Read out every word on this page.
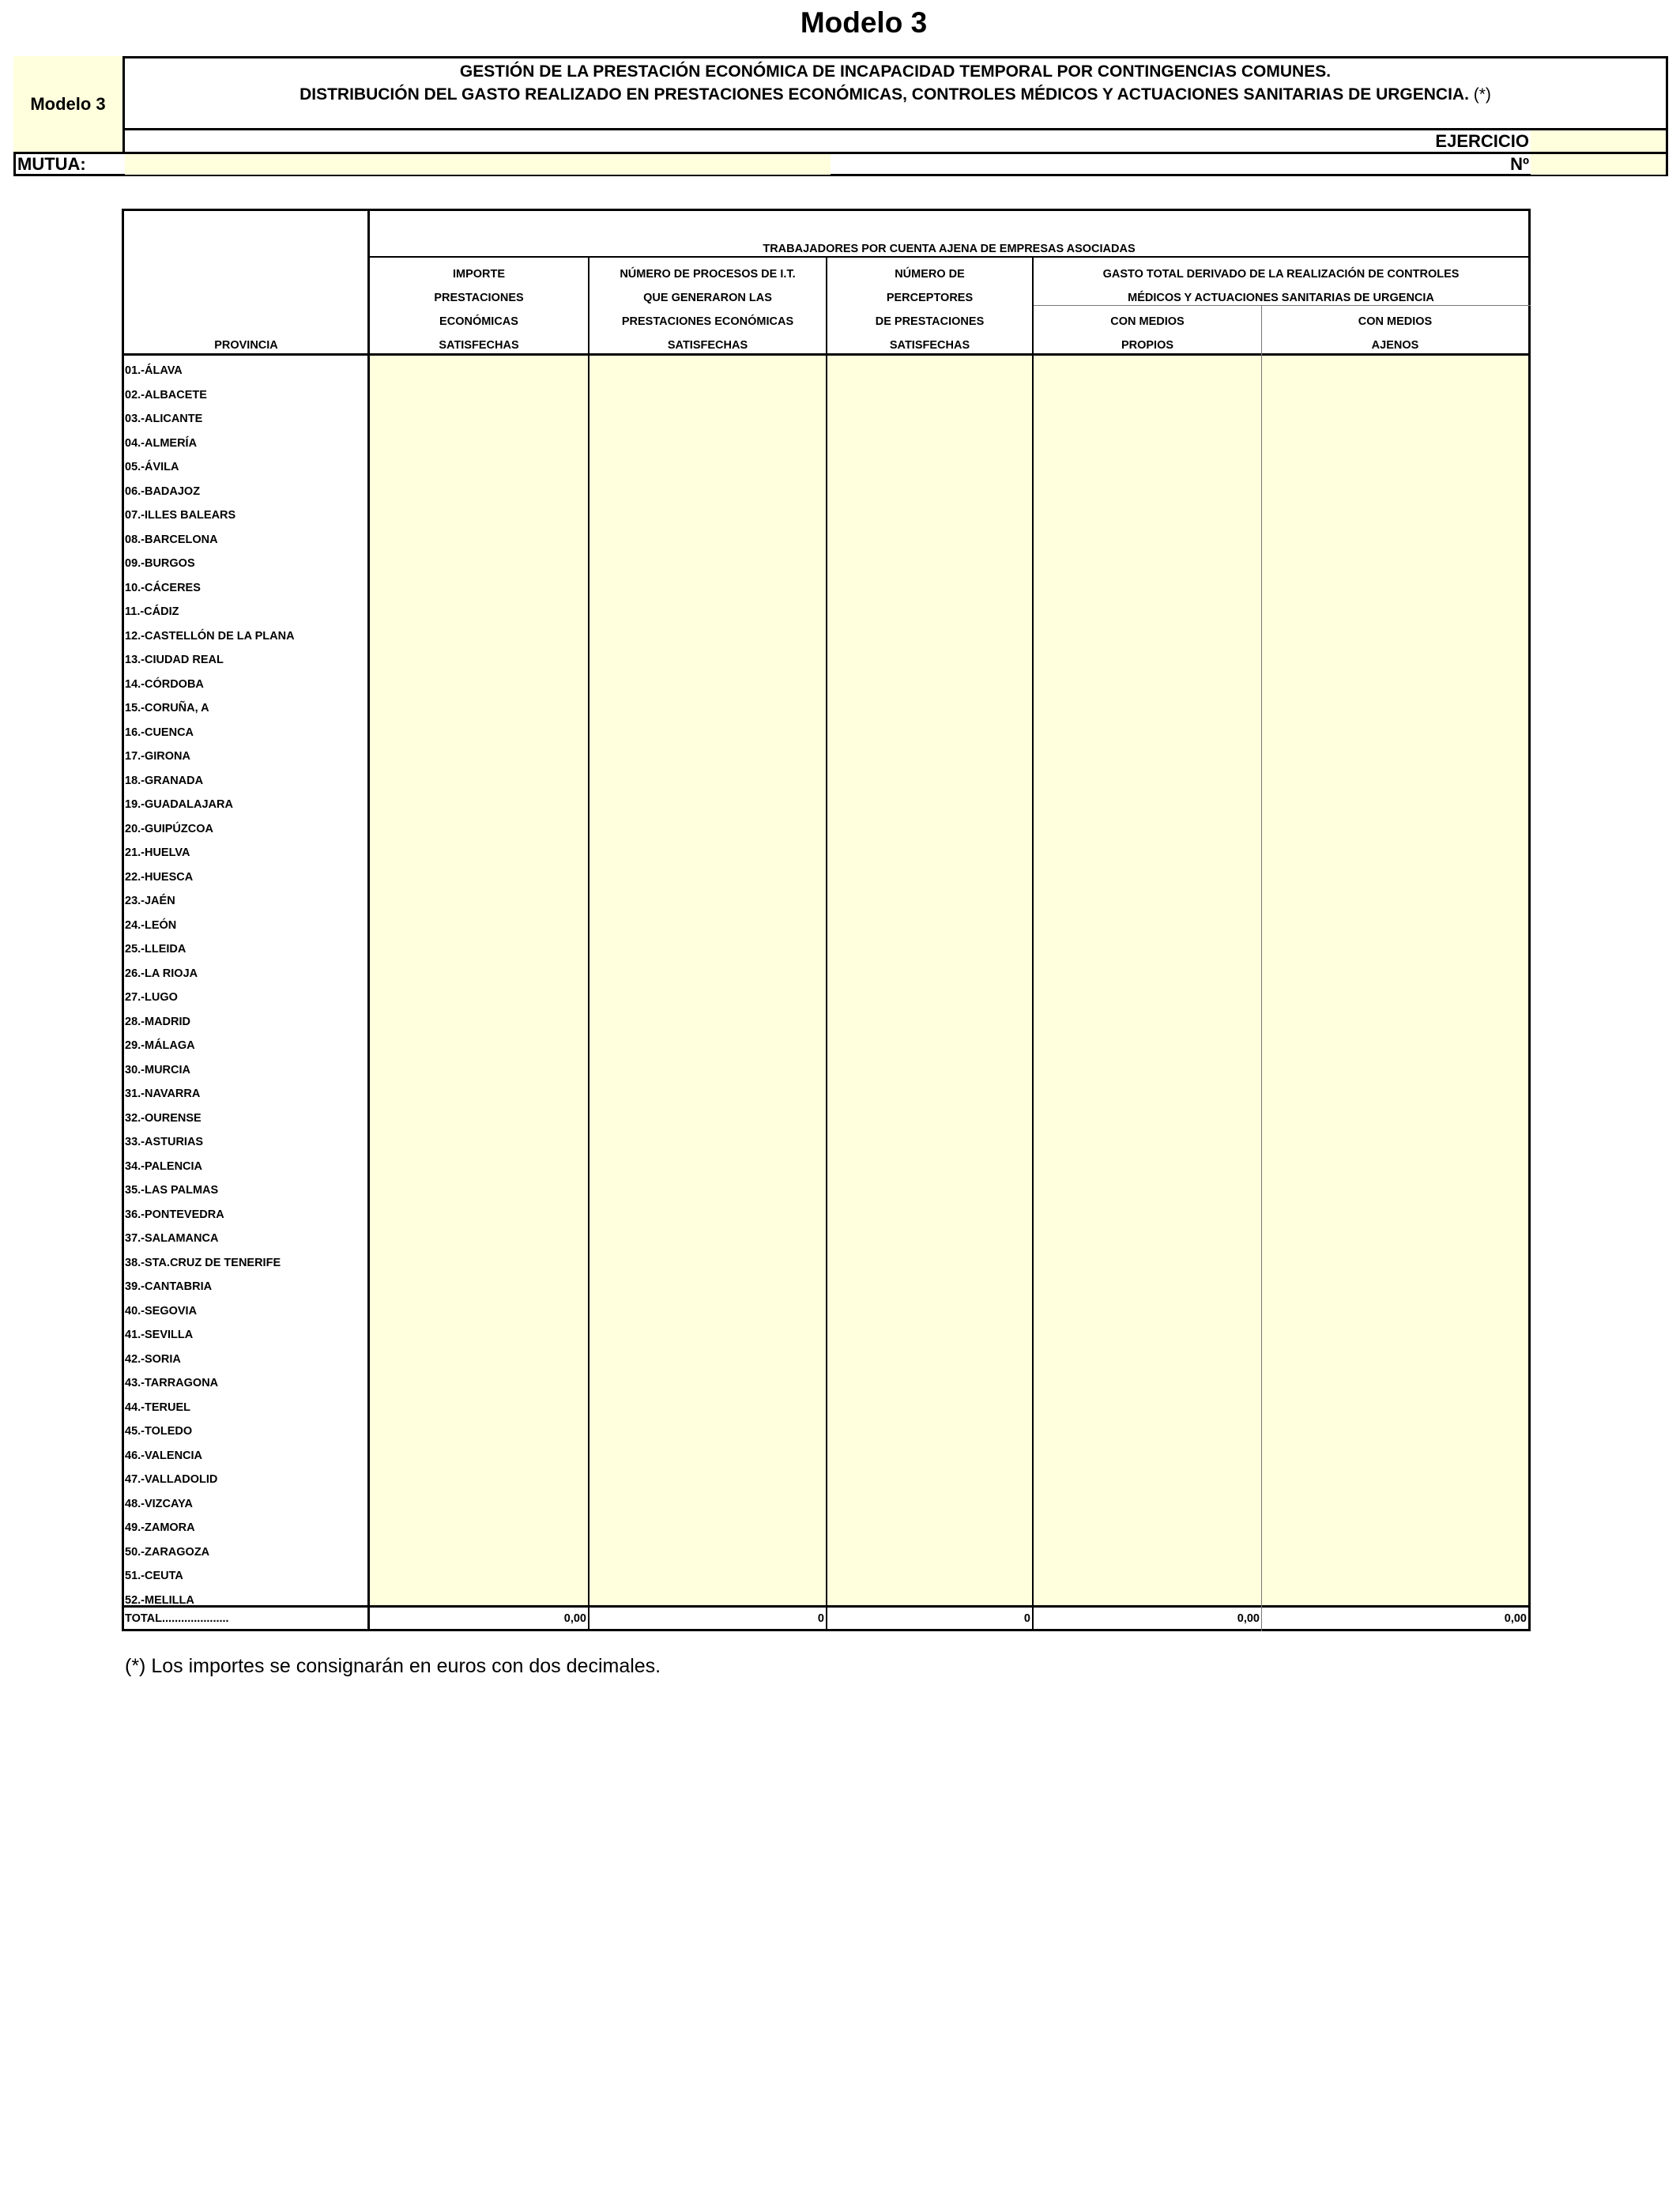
Modelo 3
Modelo 3
GESTIÓN DE LA PRESTACIÓN ECONÓMICA DE INCAPACIDAD TEMPORAL POR CONTINGENCIAS COMUNES.
DISTRIBUCIÓN DEL GASTO REALIZADO EN PRESTACIONES ECONÓMICAS, CONTROLES MÉDICOS Y ACTUACIONES SANITARIAS DE URGENCIA. (*)
EJERCICIO
MUTUA:	Nº
TRABAJADORES POR CUENTA AJENA DE EMPRESAS ASOCIADAS
PROVINCIA
IMPORTE
PRESTACIONES
ECONÓMICAS
SATISFECHAS
NÚMERO DE PROCESOS DE I.T.
QUE GENERARON LAS
PRESTACIONES ECONÓMICAS
SATISFECHAS
NÚMERO DE
PERCEPTORES
DE PRESTACIONES
SATISFECHAS
GASTO TOTAL DERIVADO DE LA REALIZACIÓN DE CONTROLES
MÉDICOS Y ACTUACIONES SANITARIAS DE URGENCIA
CON MEDIOS
PROPIOS
CON MEDIOS
AJENOS
01.-ÁLAVA
02.-ALBACETE
03.-ALICANTE
04.-ALMERÍA
05.-ÁVILA
06.-BADAJOZ
07.-ILLES BALEARS
08.-BARCELONA
09.-BURGOS
10.-CÁCERES
11.-CÁDIZ
12.-CASTELLÓN DE LA PLANA
13.-CIUDAD REAL
14.-CÓRDOBA
15.-CORUÑA, A
16.-CUENCA
17.-GIRONA
18.-GRANADA
19.-GUADALAJARA
20.-GUIPÚZCOA
21.-HUELVA
22.-HUESCA
23.-JAÉN
24.-LEÓN
25.-LLEIDA
26.-LA RIOJA
27.-LUGO
28.-MADRID
29.-MÁLAGA
30.-MURCIA
31.-NAVARRA
32.-OURENSE
33.-ASTURIAS
34.-PALENCIA
35.-LAS PALMAS
36.-PONTEVEDRA
37.-SALAMANCA
38.-STA.CRUZ DE TENERIFE
39.-CANTABRIA
40.-SEGOVIA
41.-SEVILLA
42.-SORIA
43.-TARRAGONA
44.-TERUEL
45.-TOLEDO
46.-VALENCIA
47.-VALLADOLID
48.-VIZCAYA
49.-ZAMORA
50.-ZARAGOZA
51.-CEUTA
52.-MELILLA
TOTAL.....................	0,00	0	0	0,00	0,00
(*) Los importes se consignarán en euros con dos decimales.
